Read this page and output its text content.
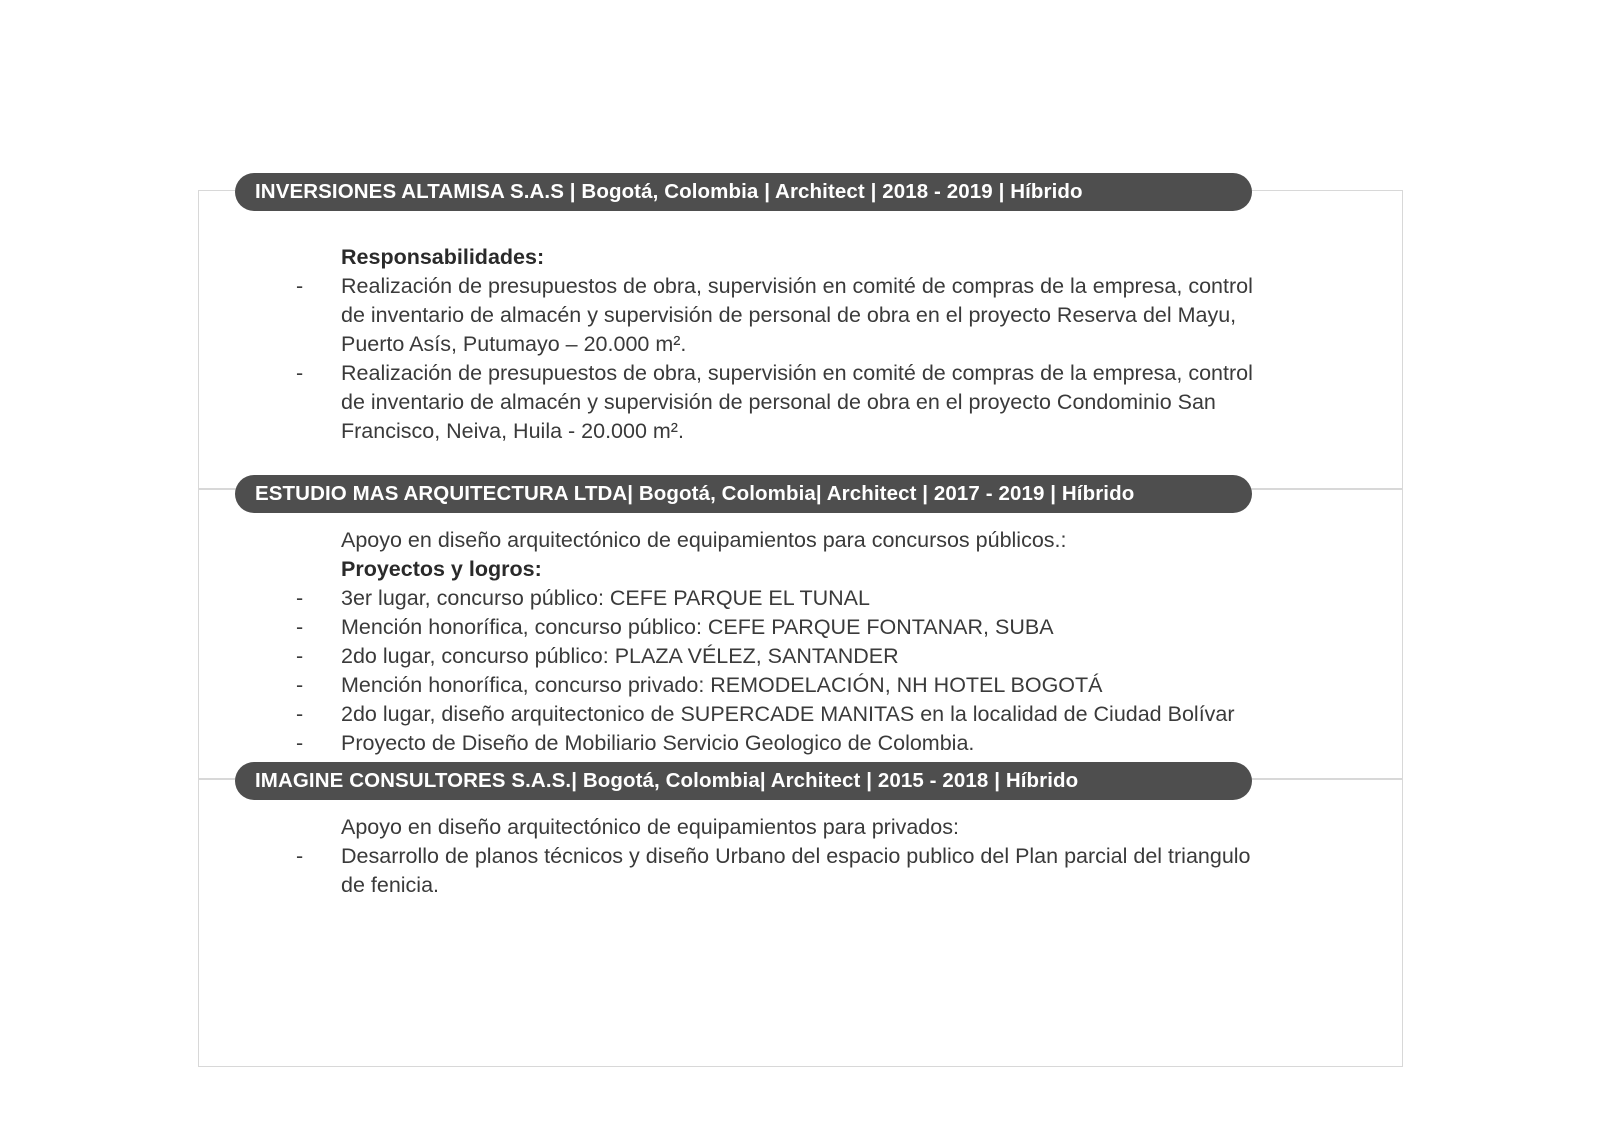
INVERSIONES ALTAMISA S.A.S | Bogotá, Colombia | Architect | 2018 - 2019 | Híbrido
Responsabilidades:
- Realización de presupuestos de obra, supervisión en comité de compras de la empresa, control
de inventario de almacén y supervisión de personal de obra en el proyecto Reserva del Mayu,
Puerto Asís, Putumayo – 20.000 m².
- Realización de presupuestos de obra, supervisión en comité de compras de la empresa, control
de inventario de almacén y supervisión de personal de obra en el proyecto Condominio San
Francisco, Neiva, Huila - 20.000 m².
ESTUDIO MAS ARQUITECTURA LTDA| Bogotá, Colombia| Architect | 2017 - 2019 | Híbrido
Apoyo en diseño arquitectónico de equipamientos para concursos públicos.:
Proyectos y logros:
- 3er lugar, concurso público: CEFE PARQUE EL TUNAL
- Mención honorífica, concurso público: CEFE PARQUE FONTANAR, SUBA
- 2do lugar, concurso público: PLAZA VÉLEZ, SANTANDER
- Mención honorífica, concurso privado: REMODELACIÓN, NH HOTEL BOGOTÁ
- 2do lugar, diseño arquitectonico de SUPERCADE MANITAS en la localidad de Ciudad Bolívar
- Proyecto de Diseño de Mobiliario Servicio Geologico de Colombia.
IMAGINE CONSULTORES S.A.S.| Bogotá, Colombia| Architect | 2015 - 2018 | Híbrido
Apoyo en diseño arquitectónico de equipamientos para privados:
- Desarrollo de planos técnicos y diseño Urbano del espacio publico del Plan parcial del triangulo
de fenicia.
